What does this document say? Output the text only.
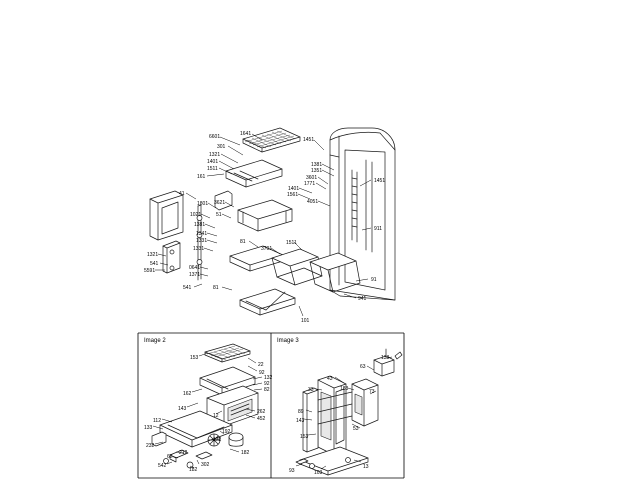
Image 2	Image 3
6601	1641
1451
301
1321
1401
1511
1381
1351
161	3601
1771
1401
1561
4051
1451
41
1801 3621
1021	51
1381
1341
1331
1331
81
3701
1511
911
1321
541
5591	0641
1371
541	81
91
941
101
153
22
92
132
92
82
162
143
12
262
452
112
133
192
172
232
62
212	182
542	302
182
133
63
43
183
33	73
89
143
53
153
93	103
13
